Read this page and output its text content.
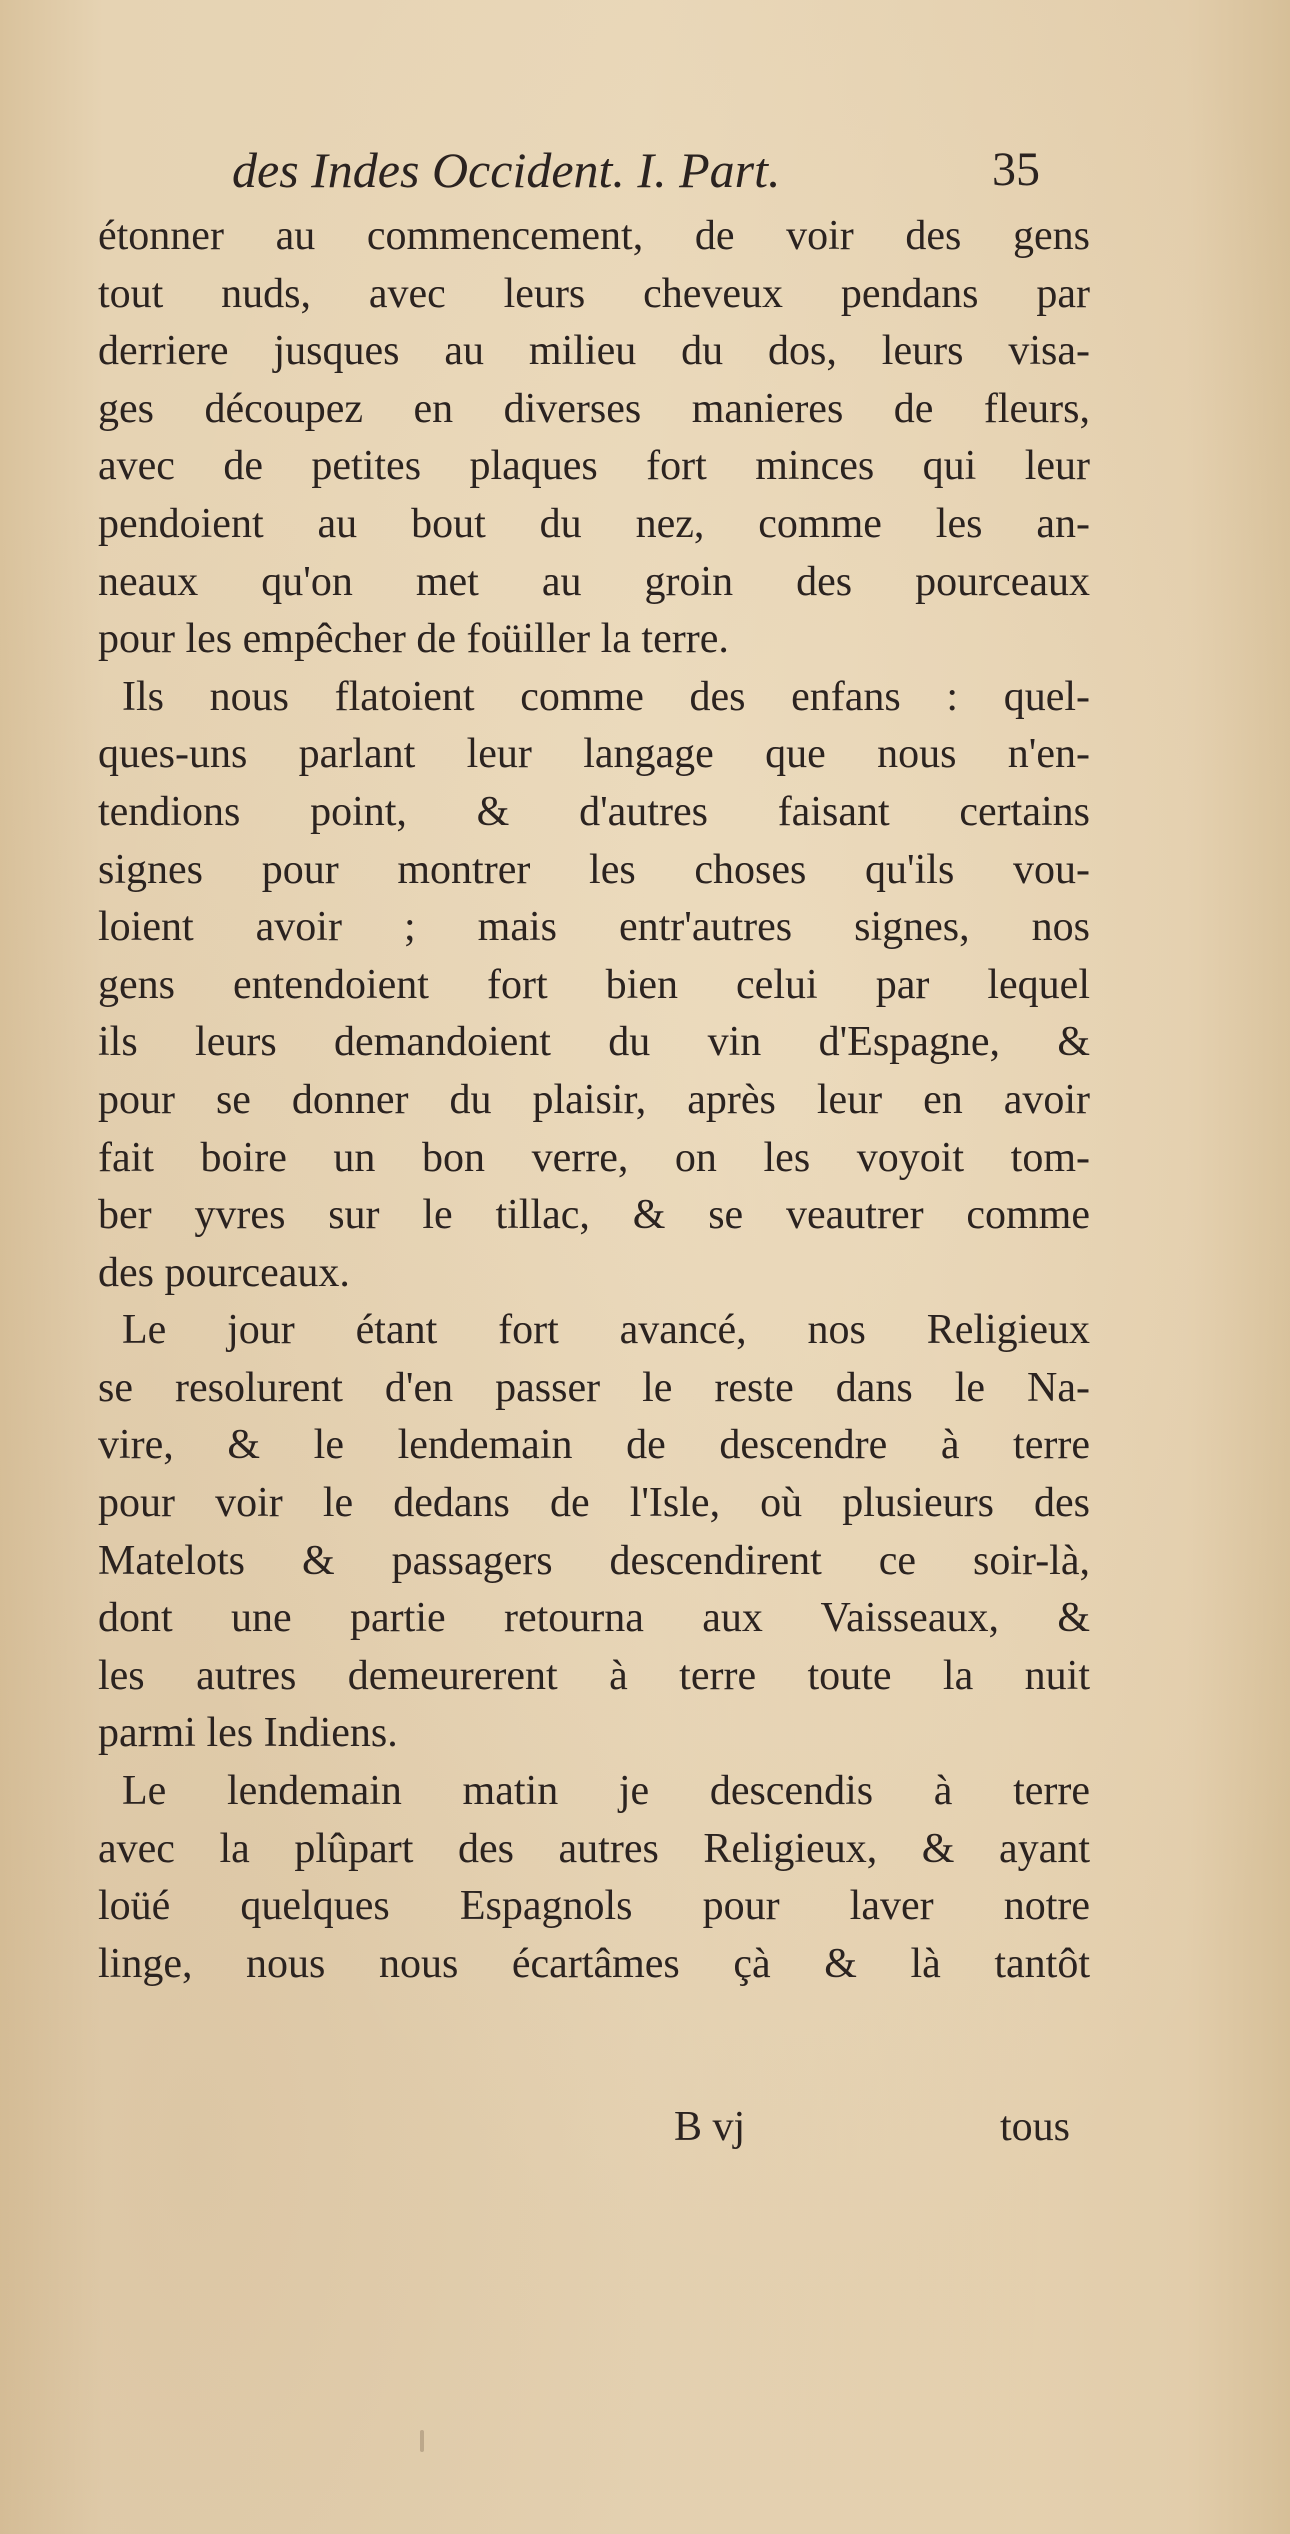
des Indes Occident. I. Part.	35
étonner au commencement, de voir des gens
tout nuds, avec leurs cheveux pendans par
derriere jusques au milieu du dos, leurs visa-
ges découpez en diverses manieres de fleurs,
avec de petites plaques fort minces qui leur
pendoient au bout du nez, comme les an-
neaux qu'on met au groin des pourceaux
pour les empêcher de foüiller la terre.
Ils nous flatoient comme des enfans : quel-
ques-uns parlant leur langage que nous n'en-
tendions point, & d'autres faisant certains
signes pour montrer les choses qu'ils vou-
loient avoir ; mais entr'autres signes, nos
gens entendoient fort bien celui par lequel
ils leurs demandoient du vin d'Espagne, &
pour se donner du plaisir, après leur en avoir
fait boire un bon verre, on les voyoit tom-
ber yvres sur le tillac, & se veautrer comme
des pourceaux.
Le jour étant fort avancé, nos Religieux
se resolurent d'en passer le reste dans le Na-
vire, & le lendemain de descendre à terre
pour voir le dedans de l'Isle, où plusieurs des
Matelots & passagers descendirent ce soir-là,
dont une partie retourna aux Vaisseaux, &
les autres demeurerent à terre toute la nuit
parmi les Indiens.
Le lendemain matin je descendis à terre
avec la plûpart des autres Religieux, & ayant
loüé quelques Espagnols pour laver notre
linge, nous nous écartâmes çà & là tantôt
B vj	tous
